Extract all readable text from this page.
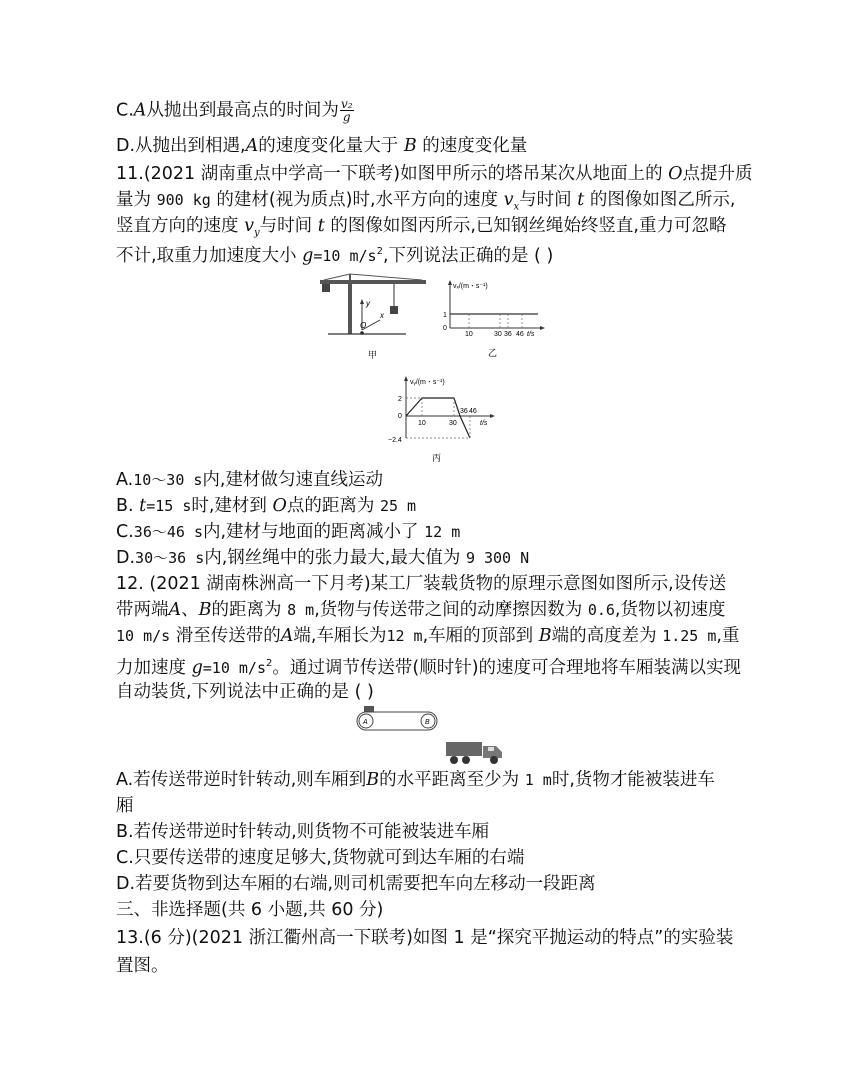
C.A从抛出到最高点的时间为 $\frac{\text{v₂}}{g}$
D.从抛出到相遇,A的速度变化量大于 B 的速度变化量
11.(2021 湖南重点中学高一下联考)如图甲所示的塔吊某次从地面上的 O点提升质
量为 900 kg 的建材(视为质点)时,水平方向的速度 $v_x$与时间 t 的图像如图乙所示,
竖直方向的速度 $v_y$与时间 t 的图像如图丙所示,已知钢丝绳始终竖直,重力可忽略
不计,取重力加速度大小 g=10 $m/s^2$,下列说法正确的是 ( )
y
x
O
甲
vₓ/(m・s⁻¹)
1
0
10	30 36 46 t/s
乙
vᵧ/(m・s⁻¹)
2
0
−2.4
10	30
36 46
t/s
丙
A.10～30 s内,建材做匀速直线运动
B. t=15 s时,建材到 O点的距离为 25 m
C.36～46 s内,建材与地面的距离减小了 12 m
D.30～36 s内,钢丝绳中的张力最大,最大值为 9 300 N
12. (2021 湖南株洲高一下月考)某工厂装载货物的原理示意图如图所示,设传送
带两端A、B的距离为 8 m,货物与传送带之间的动摩擦因数为 0.6,货物以初速度
10 m/s 滑至传送带的A端,车厢长为12 m,车厢的顶部到 B端的高度差为 1.25 m,重
力加速度 g=10 $m/s^2$。通过调节传送带(顺时针)的速度可合理地将车厢装满以实现
自动装货,下列说法中正确的是 ( )
A	B
A.若传送带逆时针转动,则车厢到B的水平距离至少为 1 m时,货物才能被装进车
厢
B.若传送带逆时针转动,则货物不可能被装进车厢
C.只要传送带的速度足够大,货物就可到达车厢的右端
D.若要货物到达车厢的右端,则司机需要把车向左移动一段距离
三、非选择题(共 6 小题,共 60 分)
13.(6 分)(2021 浙江衢州高一下联考)如图 1 是“探究平抛运动的特点”的实验装
置图。
